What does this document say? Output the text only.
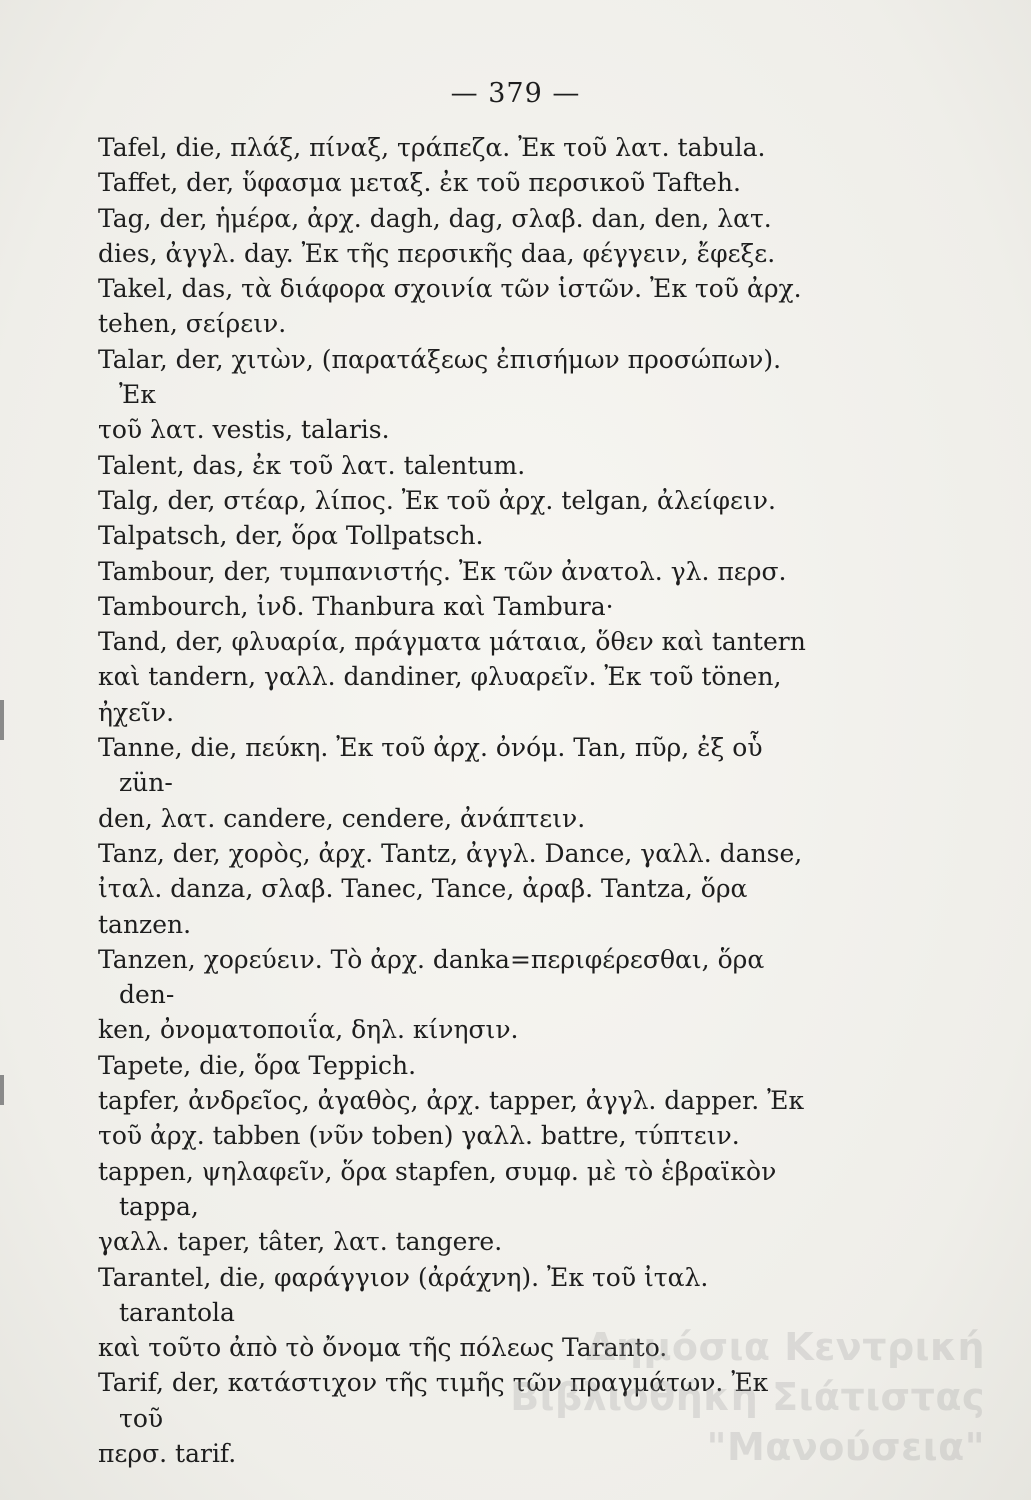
— 379 —
Tafel, die, πλάξ, πίναξ, τράπεζα. Ἐκ τοῦ λατ. tabula.
Taffet, der, ὕφασμα μεταξ. ἐκ τοῦ περσικοῦ Tafteh.
Tag, der, ἡμέρα, ἀρχ. dagh, dag, σλαβ. dan, den, λατ.
dies, ἀγγλ. day. Ἐκ τῆς περσικῆς daa, φέγγειν, ἔφεξε.
Takel, das, τὰ διάφορα σχοινία τῶν ἱστῶν. Ἐκ τοῦ ἀρχ.
tehen, σείρειν.
Talar, der, χιτὼν, (παρατάξεως ἐπισήμων προσώπων). Ἐκ
τοῦ λατ. vestis, talaris.
Talent, das, ἐκ τοῦ λατ. talentum.
Talg, der, στέαρ, λίπος. Ἐκ τοῦ ἀρχ. telgan, ἀλείφειν.
Talpatsch, der, ὅρα Tollpatsch.
Tambour, der, τυμπανιστής. Ἐκ τῶν ἀνατολ. γλ. περσ.
Tambourch, ἰνδ. Thanbura καὶ Tambura·
Tand, der, φλυαρία, πράγματα μάταια, ὅθεν καὶ tantern
καὶ tandern, γαλλ. dandiner, φλυαρεῖν. Ἐκ τοῦ tönen,
ἠχεῖν.
Tanne, die, πεύκη. Ἐκ τοῦ ἀρχ. ὀνόμ. Tan, πῦρ, ἐξ οὗ zün-
den, λατ. candere, cendere, ἀνάπτειν.
Tanz, der, χορὸς, ἀρχ. Tantz, ἀγγλ. Dance, γαλλ. danse,
ἰταλ. danza, σλαβ. Tanec, Tance, ἀραβ. Tantza, ὅρα
tanzen.
Tanzen, χορεύειν. Τὸ ἀρχ. danka=περιφέρεσθαι, ὅρα den-
ken, ὀνοματοποιΐα, δηλ. κίνησιν.
Tapete, die, ὅρα Teppich.
tapfer, ἀνδρεῖος, ἀγαθὸς, ἀρχ. tapper, ἀγγλ. dapper. Ἐκ
τοῦ ἀρχ. tabben (νῦν toben) γαλλ. battre, τύπτειν.
tappen, ψηλαφεῖν, ὅρα stapfen, συμφ. μὲ τὸ ἑβραϊκὸν tappa,
γαλλ. taper, tâter, λατ. tangere.
Tarantel, die, φαράγγιον (ἀράχνη). Ἐκ τοῦ ἰταλ. tarantola
καὶ τοῦτο ἀπὸ τὸ ὄνομα τῆς πόλεως Taranto.
Tarif, der, κατάστιχον τῆς τιμῆς τῶν πραγμάτων. Ἐκ τοῦ
περσ. tarif.
Δημόσια Κεντρική
Βιβλιοθήκη Σιάτιστας "Μανούσεια"
